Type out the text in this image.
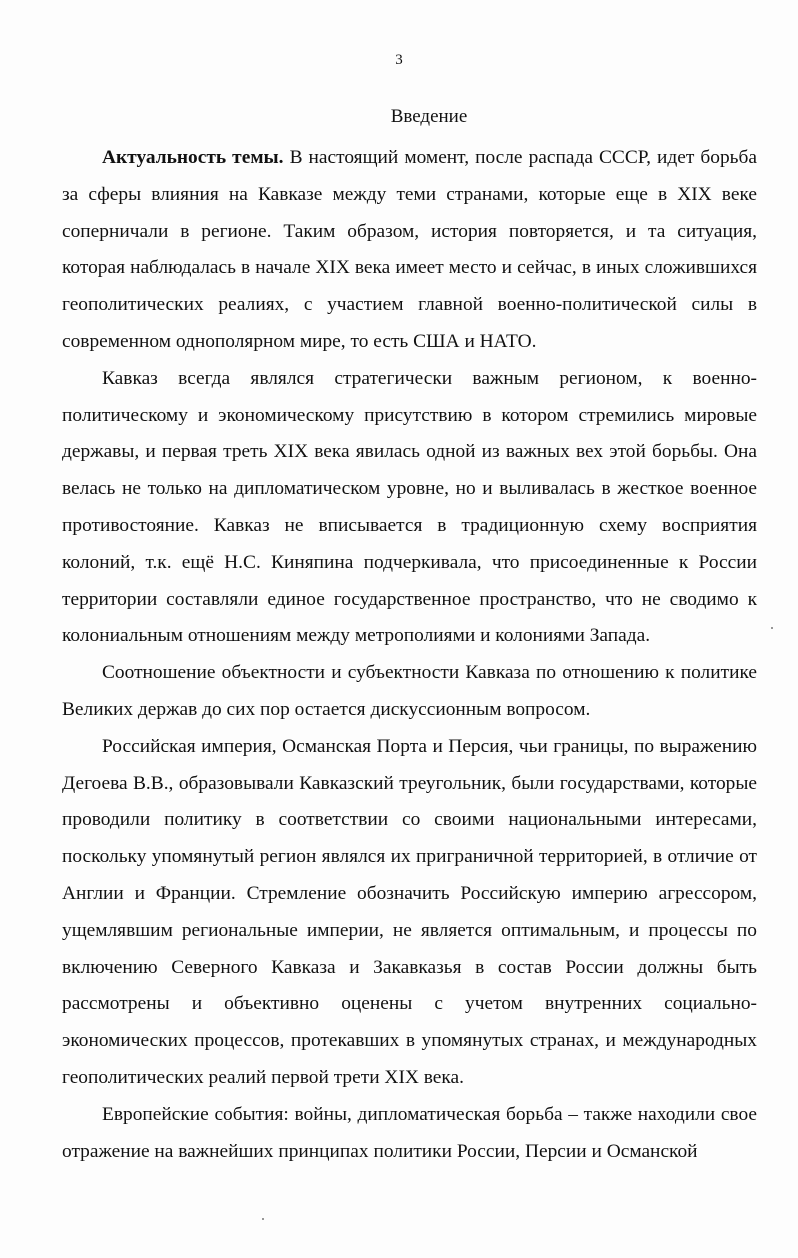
3
Введение

Актуальность темы. В настоящий момент, после распада СССР, идет борьба за сферы влияния на Кавказе между теми странами, которые еще в XIX веке соперничали в регионе. Таким образом, история повторяется, и та ситуация, которая наблюдалась в начале XIX века имеет место и сейчас, в иных сложившихся геополитических реалиях, с участием главной военно-политической силы в современном однополярном мире, то есть США и НАТО.

Кавказ всегда являлся стратегически важным регионом, к военно-политическому и экономическому присутствию в котором стремились мировые державы, и первая треть XIX века явилась одной из важных вех этой борьбы. Она велась не только на дипломатическом уровне, но и выливалась в жесткое военное противостояние. Кавказ не вписывается в традиционную схему восприятия колоний, т.к. ещё Н.С. Киняпина подчеркивала, что присоединенные к России территории составляли единое государственное пространство, что не сводимо к колониальным отношениям между метрополиями и колониями Запада.

Соотношение объектности и субъектности Кавказа по отношению к политике Великих держав до сих пор остается дискуссионным вопросом.

Российская империя, Османская Порта и Персия, чьи границы, по выражению Дегоева В.В., образовывали Кавказский треугольник, были государствами, которые проводили политику в соответствии со своими национальными интересами, поскольку упомянутый регион являлся их приграничной территорией, в отличие от Англии и Франции. Стремление обозначить Российскую империю агрессором, ущемлявшим региональные империи, не является оптимальным, и процессы по включению Северного Кавказа и Закавказья в состав России должны быть рассмотрены и объективно оценены с учетом внутренних социально-экономических процессов, протекавших в упомянутых странах, и международных геополитических реалий первой трети XIX века.

Европейские события: войны, дипломатическая борьба – также находили свое отражение на важнейших принципах политики России, Персии и Османской
